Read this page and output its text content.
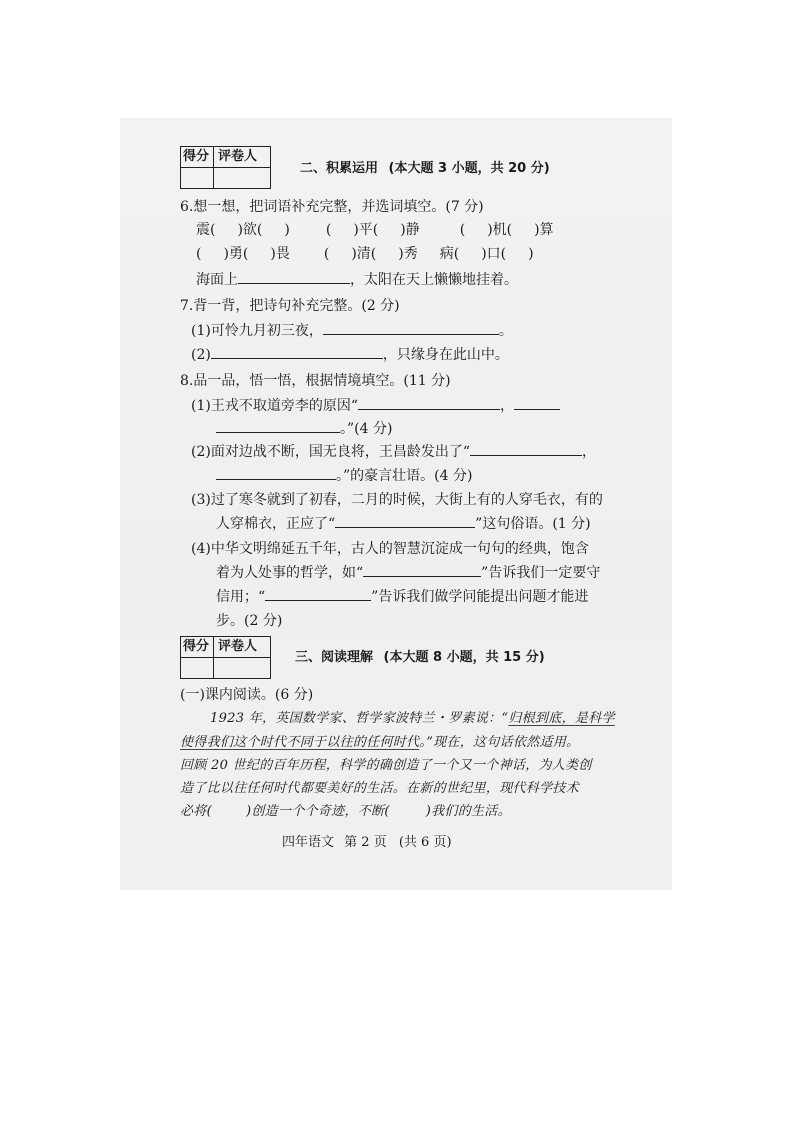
得分 评卷人
二、积累运用 (本大题 3 小题，共 20 分)
6.想一想，把词语补充完整，并选词填空。(7 分)
震( )欲( )	( )平( )静	( )机( )算
( )勇( )畏 ( )清( )秀 病( )口( )
海面上	，太阳在天上懒懒地挂着。
7.背一背，把诗句补充完整。(2 分)
(1)可怜九月初三夜，	。
(2)	，只缘身在此山中。
8.品一品，悟一悟，根据情境填空。(11 分)
(1)王戎不取道旁李的原因“	，
。”(4 分)
(2)面对边战不断，国无良将，王昌龄发出了“	，
。”的豪言壮语。(4 分)
(3)过了寒冬就到了初春，二月的时候，大街上有的人穿毛衣，有的
人穿棉衣，正应了“	”这句俗语。(1 分)
(4)中华文明绵延五千年，古人的智慧沉淀成一句句的经典，饱含
着为人处事的哲学，如“	”告诉我们一定要守
信用；“	”告诉我们做学问能提出问题才能进
步。(2 分)
得分 评卷人
三、阅读理解 (本大题 8 小题，共 15 分)
(一)课内阅读。(6 分)
1923 年，英国数学家、哲学家波特兰・罗素说：“归根到底，是科学
使得我们这个时代不同于以往的任何时代。”现在，这句话依然适用。
回顾 20 世纪的百年历程，科学的确创造了一个又一个神话，为人类创
造了比以往任何时代都要美好的生活。在新的世纪里，现代科学技术
必将(	)创造一个个奇迹，不断(	)我们的生活。
四年语文 第 2 页 (共 6 页)
